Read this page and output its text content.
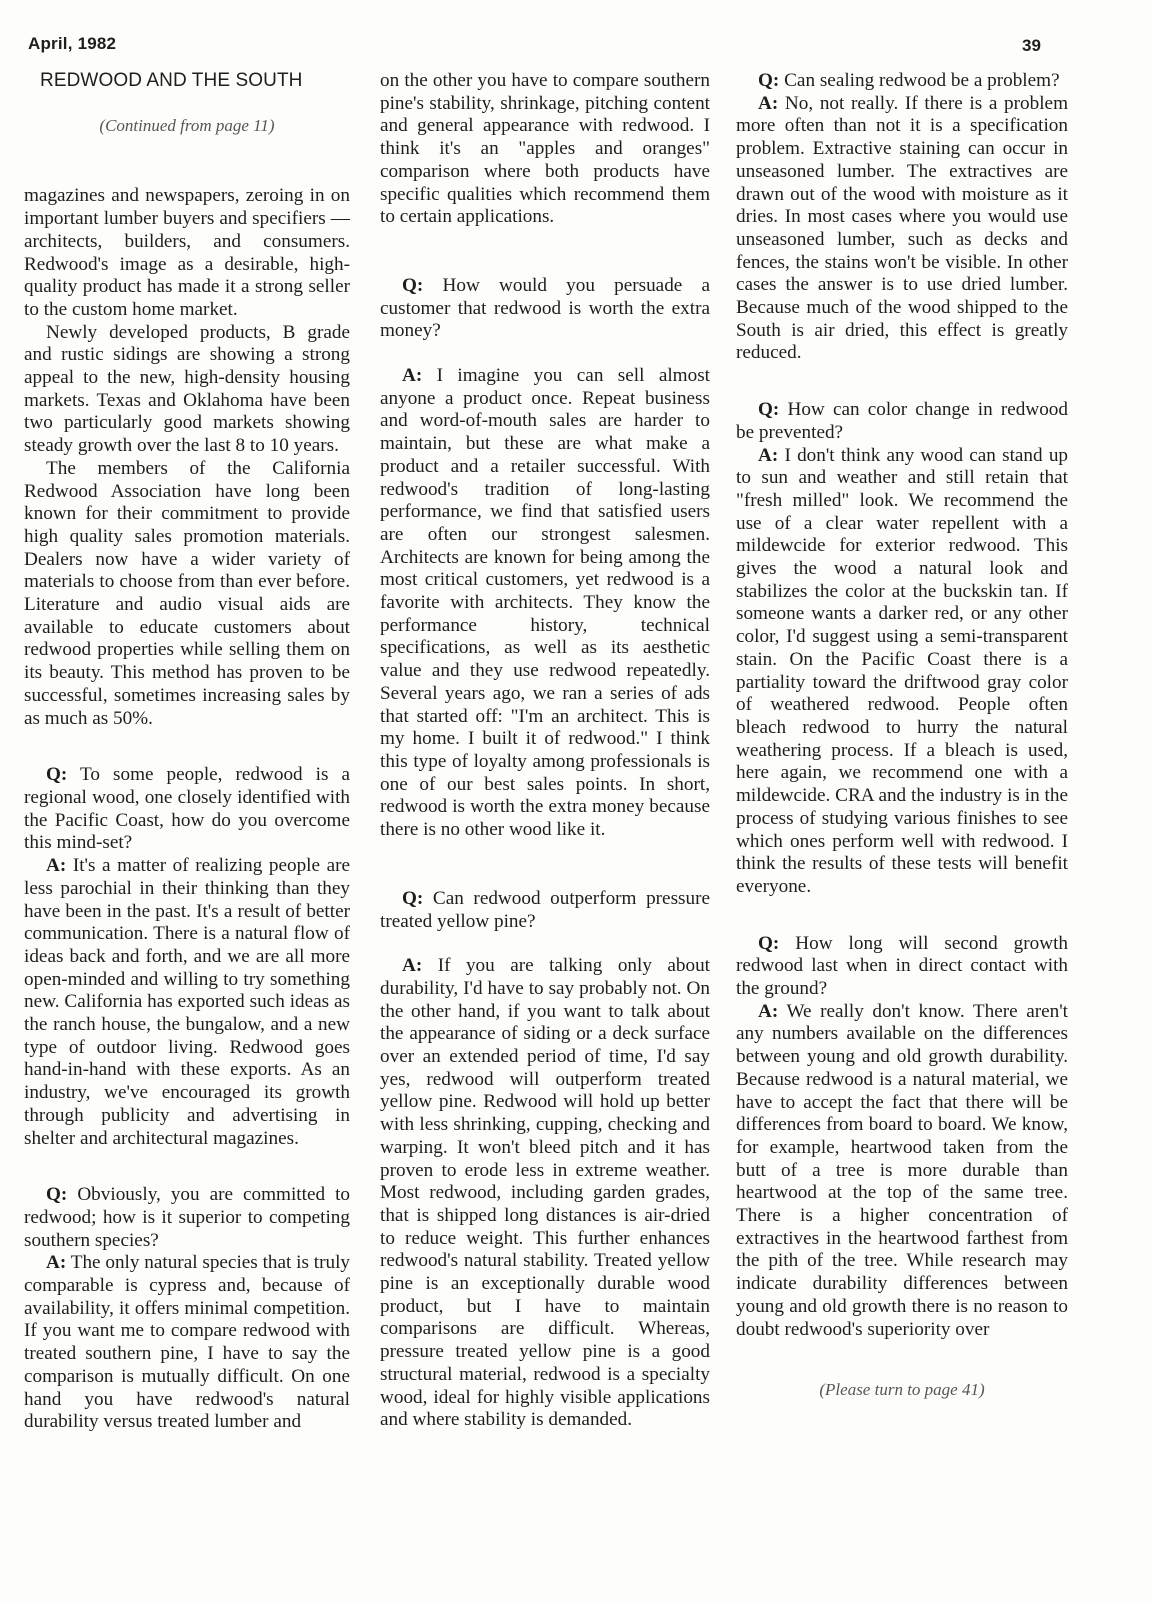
April, 1982	39
REDWOOD AND THE SOUTH
(Continued from page 11)

magazines and newspapers, zeroing in on important lumber buyers and specifiers — architects, builders, and consumers. Redwood's image as a desirable, high-quality product has made it a strong seller to the custom home market.

Newly developed products, B grade and rustic sidings are showing a strong appeal to the new, high-density housing markets. Texas and Oklahoma have been two particularly good markets showing steady growth over the last 8 to 10 years.

The members of the California Redwood Association have long been known for their commitment to provide high quality sales promotion materials. Dealers now have a wider variety of materials to choose from than ever before. Literature and audio visual aids are available to educate customers about redwood properties while selling them on its beauty. This method has proven to be successful, sometimes increasing sales by as much as 50%.

Q: To some people, redwood is a regional wood, one closely identified with the Pacific Coast, how do you overcome this mind-set?

A: It's a matter of realizing people are less parochial in their thinking than they have been in the past. It's a result of better communication. There is a natural flow of ideas back and forth, and we are all more open-minded and willing to try something new. California has exported such ideas as the ranch house, the bungalow, and a new type of outdoor living. Redwood goes hand-in-hand with these exports. As an industry, we've encouraged its growth through publicity and advertising in shelter and architectural magazines.

Q: Obviously, you are committed to redwood; how is it superior to competing southern species?

A: The only natural species that is truly comparable is cypress and, because of availability, it offers minimal competition. If you want me to compare redwood with treated southern pine, I have to say the comparison is mutually difficult. On one hand you have redwood's natural durability versus treated lumber and

on the other you have to compare southern pine's stability, shrinkage, pitching content and general appearance with redwood. I think it's an "apples and oranges" comparison where both products have specific qualities which recommend them to certain applications.

Q: How would you persuade a customer that redwood is worth the extra money?

A: I imagine you can sell almost anyone a product once. Repeat business and word-of-mouth sales are harder to maintain, but these are what make a product and a retailer successful. With redwood's tradition of long-lasting performance, we find that satisfied users are often our strongest salesmen. Architects are known for being among the most critical customers, yet redwood is a favorite with architects. They know the performance history, technical specifications, as well as its aesthetic value and they use redwood repeatedly. Several years ago, we ran a series of ads that started off: "I'm an architect. This is my home. I built it of redwood." I think this type of loyalty among professionals is one of our best sales points. In short, redwood is worth the extra money because there is no other wood like it.

Q: Can redwood outperform pressure treated yellow pine?

A: If you are talking only about durability, I'd have to say probably not. On the other hand, if you want to talk about the appearance of siding or a deck surface over an extended period of time, I'd say yes, redwood will outperform treated yellow pine. Redwood will hold up better with less shrinking, cupping, checking and warping. It won't bleed pitch and it has proven to erode less in extreme weather. Most redwood, including garden grades, that is shipped long distances is air-dried to reduce weight. This further enhances redwood's natural stability. Treated yellow pine is an exceptionally durable wood product, but I have to maintain comparisons are difficult. Whereas, pressure treated yellow pine is a good structural material, redwood is a specialty wood, ideal for highly visible applications and where stability is demanded.

Q: Can sealing redwood be a problem?

A: No, not really. If there is a problem more often than not it is a specification problem. Extractive staining can occur in unseasoned lumber. The extractives are drawn out of the wood with moisture as it dries. In most cases where you would use unseasoned lumber, such as decks and fences, the stains won't be visible. In other cases the answer is to use dried lumber. Because much of the wood shipped to the South is air dried, this effect is greatly reduced.

Q: How can color change in redwood be prevented?

A: I don't think any wood can stand up to sun and weather and still retain that "fresh milled" look. We recommend the use of a clear water repellent with a mildewcide for exterior redwood. This gives the wood a natural look and stabilizes the color at the buckskin tan. If someone wants a darker red, or any other color, I'd suggest using a semi-transparent stain. On the Pacific Coast there is a partiality toward the driftwood gray color of weathered redwood. People often bleach redwood to hurry the natural weathering process. If a bleach is used, here again, we recommend one with a mildewcide. CRA and the industry is in the process of studying various finishes to see which ones perform well with redwood. I think the results of these tests will benefit everyone.

Q: How long will second growth redwood last when in direct contact with the ground?

A: We really don't know. There aren't any numbers available on the differences between young and old growth durability. Because redwood is a natural material, we have to accept the fact that there will be differences from board to board. We know, for example, heartwood taken from the butt of a tree is more durable than heartwood at the top of the same tree. There is a higher concentration of extractives in the heartwood farthest from the pith of the tree. While research may indicate durability differences between young and old growth there is no reason to doubt redwood's superiority over

(Please turn to page 41)
